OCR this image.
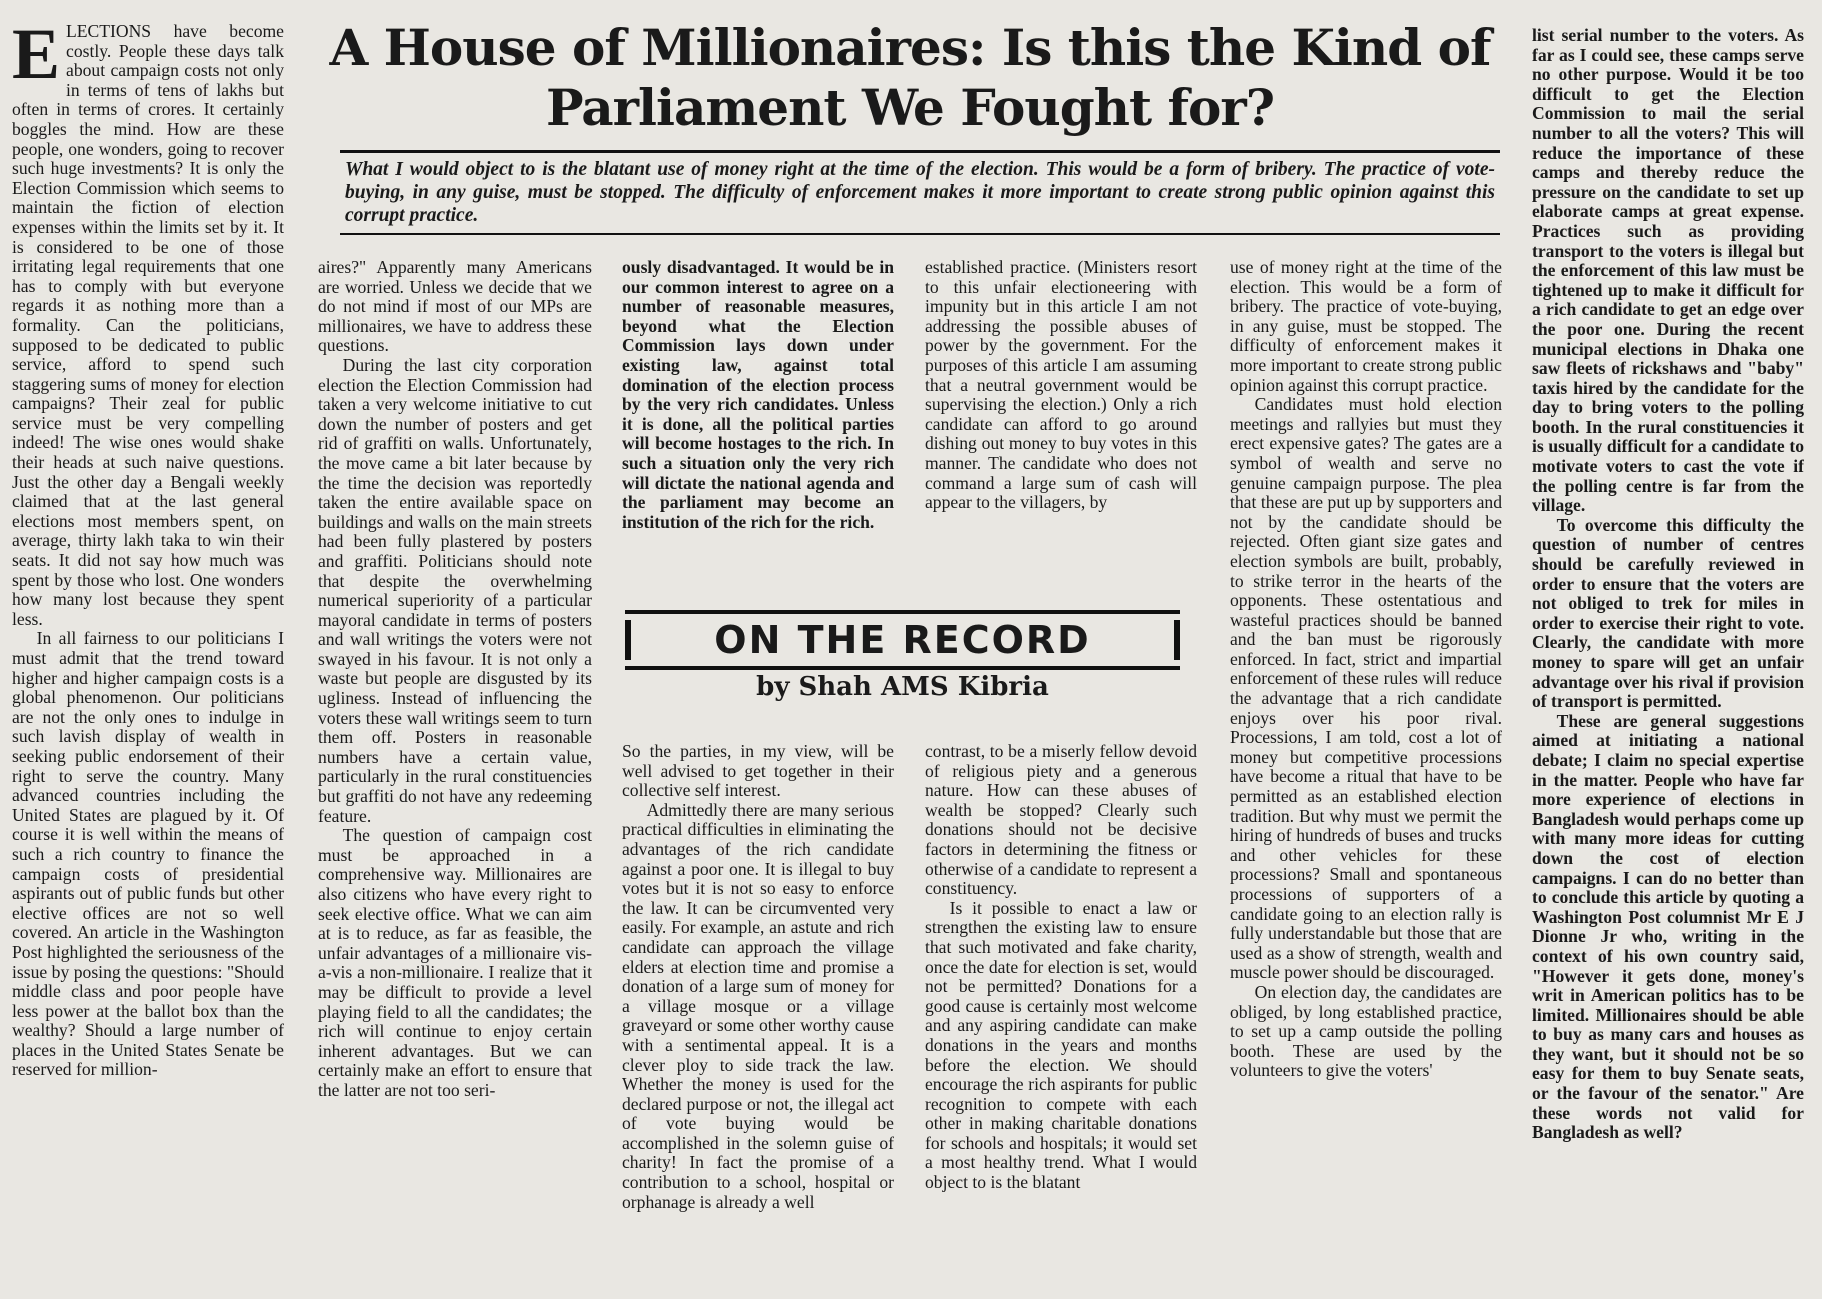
A House of Millionaires: Is this the Kind of Parliament We Fought for?
What I would object to is the blatant use of money right at the time of the election. This would be a form of bribery. The practice of vote-buying, in any guise, must be stopped. The difficulty of enforcement makes it more important to create strong public opinion against this corrupt practice.

ELECTIONS have become costly. People these days talk about campaign costs not only in terms of tens of lakhs but often in terms of crores. It certainly boggles the mind. How are these people, one wonders, going to recover such huge investments? It is only the Election Commission which seems to maintain the fiction of election expenses within the limits set by it. It is considered to be one of those irritating legal requirements that one has to comply with but everyone regards it as nothing more than a formality. Can the politicians, supposed to be dedicated to public service, afford to spend such staggering sums of money for election campaigns? Their zeal for public service must be very compelling indeed! The wise ones would shake their heads at such naive questions. Just the other day a Bengali weekly claimed that at the last general elections most members spent, on average, thirty lakh taka to win their seats. It did not say how much was spent by those who lost. One wonders how many lost because they spent less.

In all fairness to our politicians I must admit that the trend toward higher and higher campaign costs is a global phenomenon. Our politicians are not the only ones to indulge in such lavish display of wealth in seeking public endorsement of their right to serve the country. Many advanced countries including the United States are plagued by it. Of course it is well within the means of such a rich country to finance the campaign costs of presidential aspirants out of public funds but other elective offices are not so well covered. An article in the Washington Post highlighted the seriousness of the issue by posing the questions: "Should middle class and poor people have less power at the ballot box than the wealthy? Should a large number of places in the United States Senate be reserved for million-

aires?" Apparently many Americans are worried. Unless we decide that we do not mind if most of our MPs are millionaires, we have to address these questions.

During the last city corporation election the Election Commission had taken a very welcome initiative to cut down the number of posters and get rid of graffiti on walls. Unfortunately, the move came a bit later because by the time the decision was reportedly taken the entire available space on buildings and walls on the main streets had been fully plastered by posters and graffiti. Politicians should note that despite the overwhelming numerical superiority of a particular mayoral candidate in terms of posters and wall writings the voters were not swayed in his favour. It is not only a waste but people are disgusted by its ugliness. Instead of influencing the voters these wall writings seem to turn them off. Posters in reasonable numbers have a certain value, particularly in the rural constituencies but graffiti do not have any redeeming feature.

The question of campaign cost must be approached in a comprehensive way. Millionaires are also citizens who have every right to seek elective office. What we can aim at is to reduce, as far as feasible, the unfair advantages of a millionaire vis-a-vis a non-millionaire. I realize that it may be difficult to provide a level playing field to all the candidates; the rich will continue to enjoy certain inherent advantages. But we can certainly make an effort to ensure that the latter are not too seri-

ously disadvantaged. It would be in our common interest to agree on a number of reasonable measures, beyond what the Election Commission lays down under existing law, against total domination of the election process by the very rich candidates. Unless it is done, all the political parties will become hostages to the rich. In such a situation only the very rich will dictate the national agenda and the parliament may become an institution of the rich for the rich.

established practice. (Ministers resort to this unfair electioneering with impunity but in this article I am not addressing the possible abuses of power by the government. For the purposes of this article I am assuming that a neutral government would be supervising the election.) Only a rich candidate can afford to go around dishing out money to buy votes in this manner. The candidate who does not command a large sum of cash will appear to the villagers, by

ON THE RECORD
by Shah AMS Kibria

So the parties, in my view, will be well advised to get together in their collective self interest.

Admittedly there are many serious practical difficulties in eliminating the advantages of the rich candidate against a poor one. It is illegal to buy votes but it is not so easy to enforce the law. It can be circumvented very easily. For example, an astute and rich candidate can approach the village elders at election time and promise a donation of a large sum of money for a village mosque or a village graveyard or some other worthy cause with a sentimental appeal. It is a clever ploy to side track the law. Whether the money is used for the declared purpose or not, the illegal act of vote buying would be accomplished in the solemn guise of charity! In fact the promise of a contribution to a school, hospital or orphanage is already a well

contrast, to be a miserly fellow devoid of religious piety and a generous nature. How can these abuses of wealth be stopped? Clearly such donations should not be decisive factors in determining the fitness or otherwise of a candidate to represent a constituency.

Is it possible to enact a law or strengthen the existing law to ensure that such motivated and fake charity, once the date for election is set, would not be permitted? Donations for a good cause is certainly most welcome and any aspiring candidate can make donations in the years and months before the election. We should encourage the rich aspirants for public recognition to compete with each other in making charitable donations for schools and hospitals; it would set a most healthy trend. What I would object to is the blatant

use of money right at the time of the election. This would be a form of bribery. The practice of vote-buying, in any guise, must be stopped. The difficulty of enforcement makes it more important to create strong public opinion against this corrupt practice.

Candidates must hold election meetings and rallyies but must they erect expensive gates? The gates are a symbol of wealth and serve no genuine campaign purpose. The plea that these are put up by supporters and not by the candidate should be rejected. Often giant size gates and election symbols are built, probably, to strike terror in the hearts of the opponents. These ostentatious and wasteful practices should be banned and the ban must be rigorously enforced. In fact, strict and impartial enforcement of these rules will reduce the advantage that a rich candidate enjoys over his poor rival. Processions, I am told, cost a lot of money but competitive processions have become a ritual that have to be permitted as an established election tradition. But why must we permit the hiring of hundreds of buses and trucks and other vehicles for these processions? Small and spontaneous processions of supporters of a candidate going to an election rally is fully understandable but those that are used as a show of strength, wealth and muscle power should be discouraged.

On election day, the candidates are obliged, by long established practice, to set up a camp outside the polling booth. These are used by the volunteers to give the voters'

list serial number to the voters. As far as I could see, these camps serve no other purpose. Would it be too difficult to get the Election Commission to mail the serial number to all the voters? This will reduce the importance of these camps and thereby reduce the pressure on the candidate to set up elaborate camps at great expense. Practices such as providing transport to the voters is illegal but the enforcement of this law must be tightened up to make it difficult for a rich candidate to get an edge over the poor one. During the recent municipal elections in Dhaka one saw fleets of rickshaws and "baby" taxis hired by the candidate for the day to bring voters to the polling booth. In the rural constituencies it is usually difficult for a candidate to motivate voters to cast the vote if the polling centre is far from the village.

To overcome this difficulty the question of number of centres should be carefully reviewed in order to ensure that the voters are not obliged to trek for miles in order to exercise their right to vote. Clearly, the candidate with more money to spare will get an unfair advantage over his rival if provision of transport is permitted.

These are general suggestions aimed at initiating a national debate; I claim no special expertise in the matter. People who have far more experience of elections in Bangladesh would perhaps come up with many more ideas for cutting down the cost of election campaigns. I can do no better than to conclude this article by quoting a Washington Post columnist Mr E J Dionne Jr who, writing in the context of his own country said, "However it gets done, money's writ in American politics has to be limited. Millionaires should be able to buy as many cars and houses as they want, but it should not be so easy for them to buy Senate seats, or the favour of the senator." Are these words not valid for Bangladesh as well?
